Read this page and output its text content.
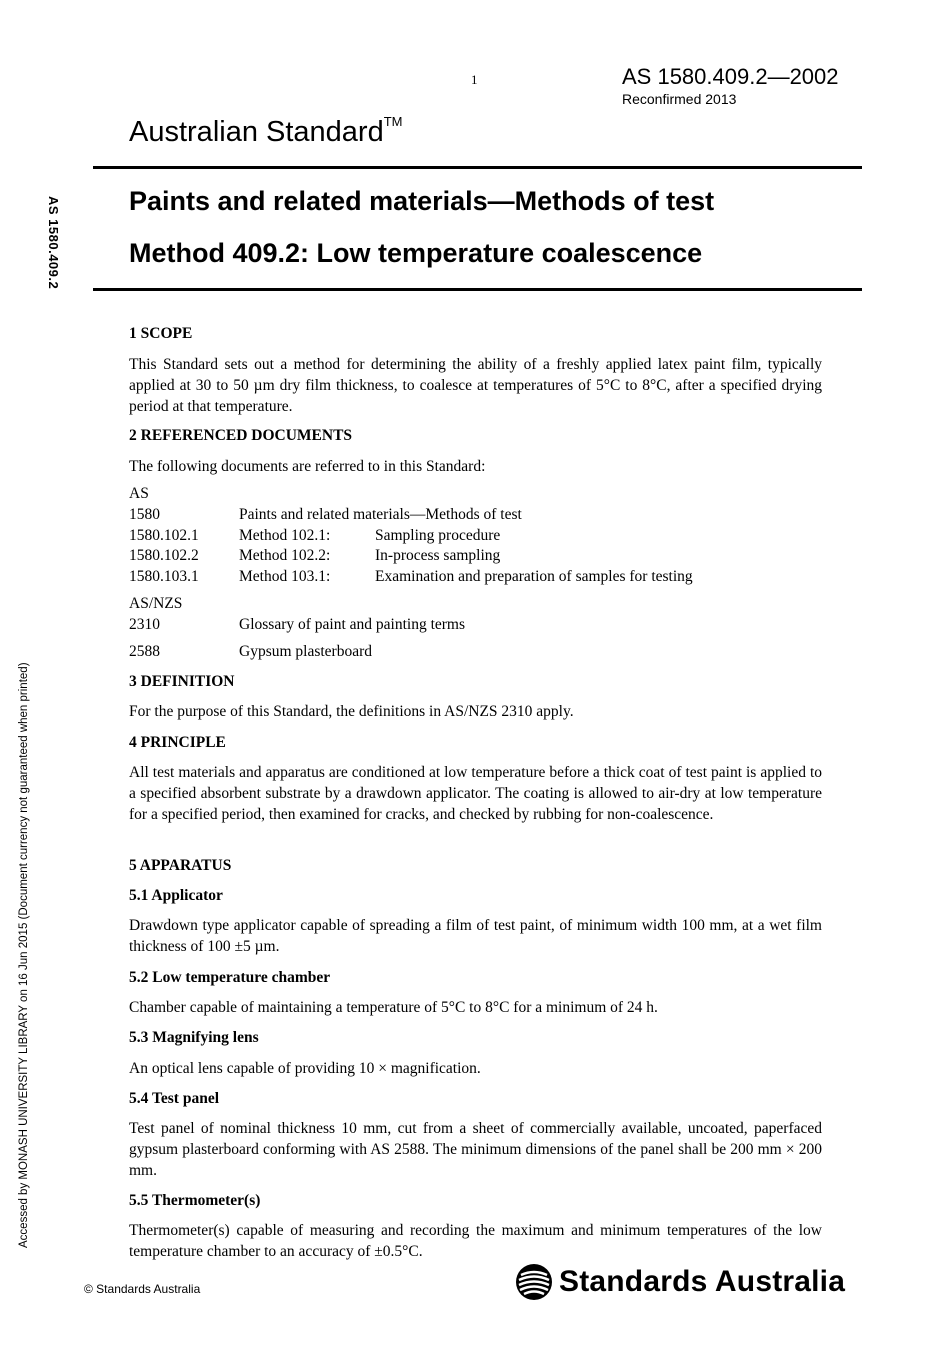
1	AS 1580.409.2—2002
Reconfirmed 2013
Australian Standard™
AS 1580.409.2
Accessed by MONASH UNIVERSITY LIBRARY on 16 Jun 2015 (Document currency not guaranteed when printed)
Paints and related materials—Methods of test
Method 409.2: Low temperature coalescence
1 SCOPE
This Standard sets out a method for determining the ability of a freshly applied latex paint film, typically applied at 30 to 50 µm dry film thickness, to coalesce at temperatures of 5°C to 8°C, after a specified drying period at that temperature.
2 REFERENCED DOCUMENTS
The following documents are referred to in this Standard:
AS
1580	Paints and related materials—Methods of test
1580.102.1	Method 102.1:	Sampling procedure
1580.102.2	Method 102.2:	In-process sampling
1580.103.1	Method 103.1:	Examination and preparation of samples for testing
AS/NZS
2310	Glossary of paint and painting terms
2588	Gypsum plasterboard
3 DEFINITION
For the purpose of this Standard, the definitions in AS/NZS 2310 apply.
4 PRINCIPLE
All test materials and apparatus are conditioned at low temperature before a thick coat of test paint is applied to a specified absorbent substrate by a drawdown applicator. The coating is allowed to air-dry at low temperature for a specified period, then examined for cracks, and checked by rubbing for non-coalescence.
5 APPARATUS
5.1 Applicator
Drawdown type applicator capable of spreading a film of test paint, of minimum width 100 mm, at a wet film thickness of 100 ±5 µm.
5.2 Low temperature chamber
Chamber capable of maintaining a temperature of 5°C to 8°C for a minimum of 24 h.
5.3 Magnifying lens
An optical lens capable of providing 10 × magnification.
5.4 Test panel
Test panel of nominal thickness 10 mm, cut from a sheet of commercially available, uncoated, paperfaced gypsum plasterboard conforming with AS 2588. The minimum dimensions of the panel shall be 200 mm × 200 mm.
5.5 Thermometer(s)
Thermometer(s) capable of measuring and recording the maximum and minimum temperatures of the low temperature chamber to an accuracy of ±0.5°C.
© Standards Australia	Standards Australia
